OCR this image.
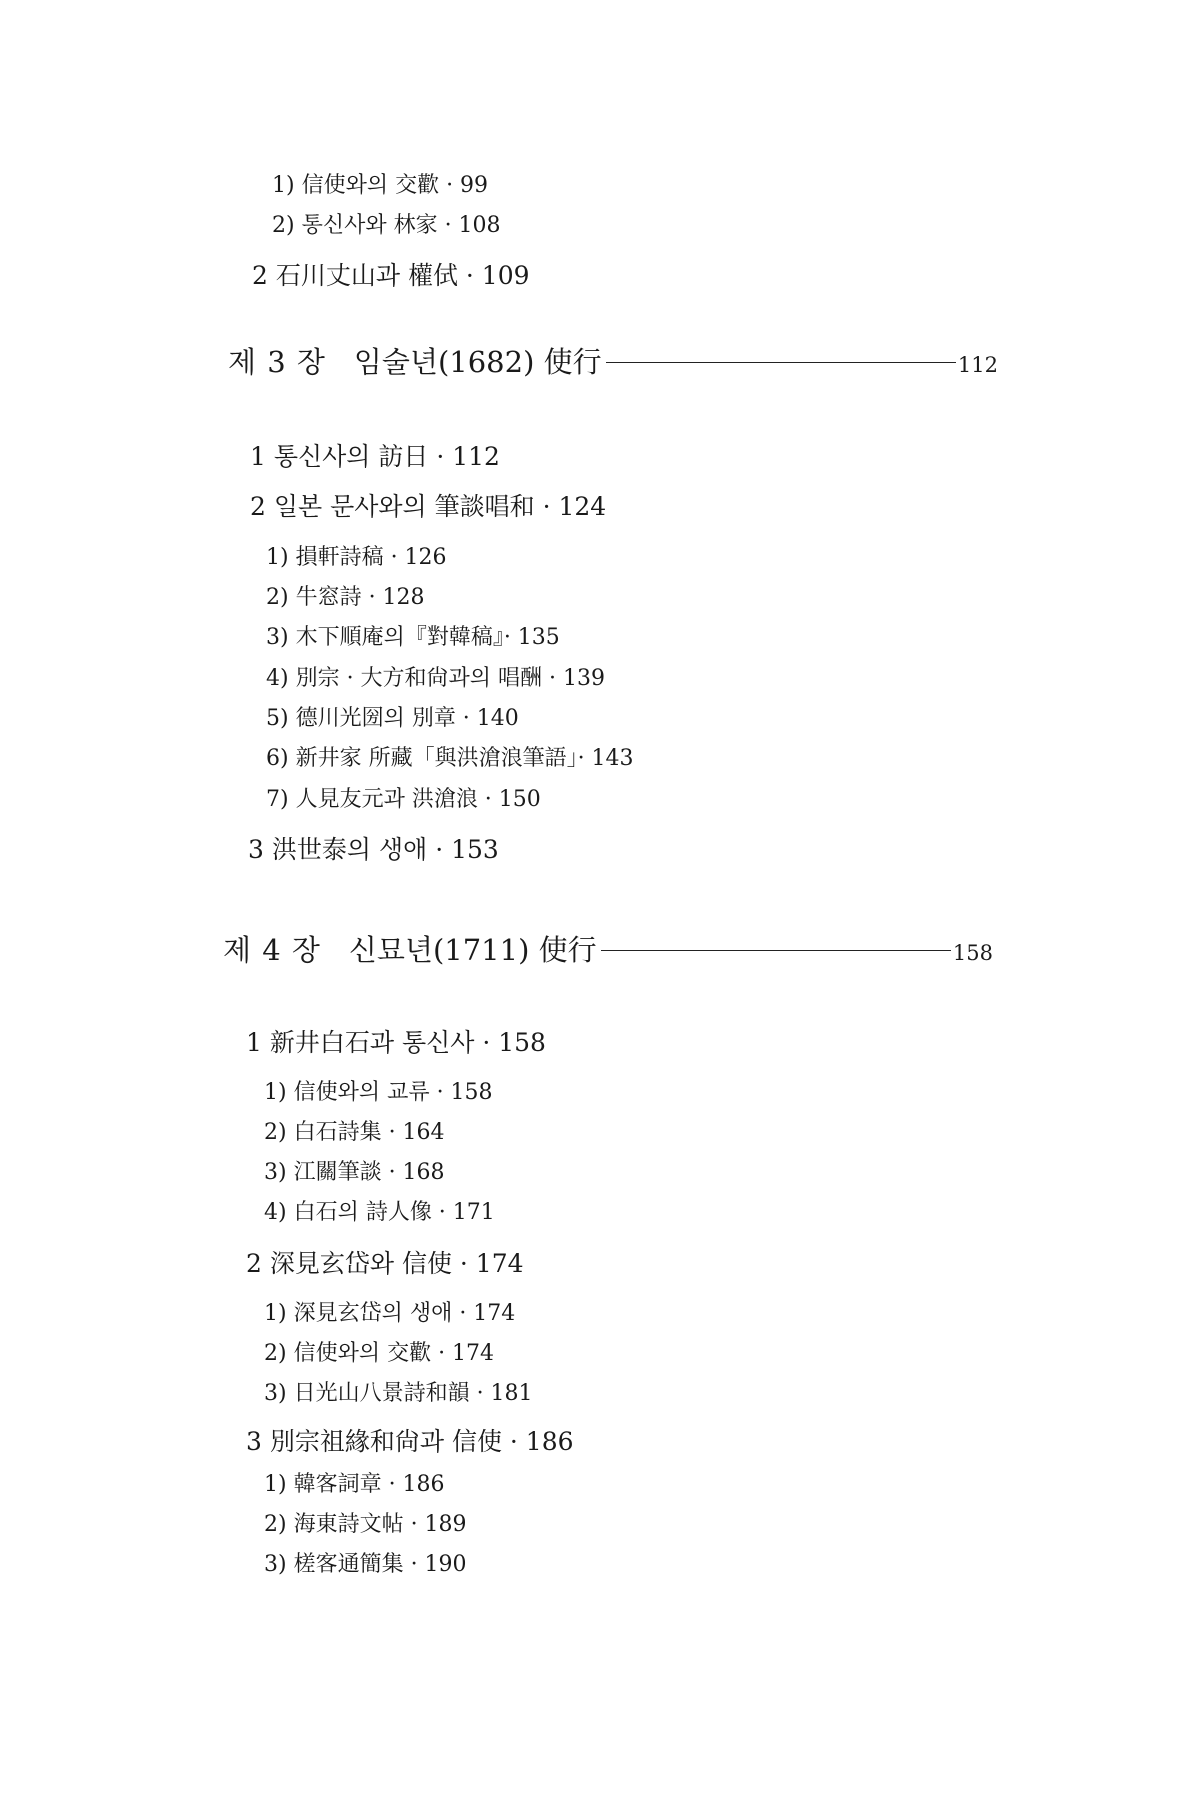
1) 信使와의 交歡 · 99
2) 통신사와 林家 · 108
2 石川丈山과 權侙 · 109
제 3 장 임술년(1682) 使行	112
1 통신사의 訪日 · 112
2 일본 문사와의 筆談唱和 · 124
1) 損軒詩稿 · 126
2) 牛窓詩 · 128
3) 木下順庵의『對韓稿』· 135
4) 別宗 · 大方和尙과의 唱酬 · 139
5) 德川光圀의 別章 · 140
6) 新井家 所藏「與洪滄浪筆語」· 143
7) 人見友元과 洪滄浪 · 150
3 洪世泰의 생애 · 153
제 4 장 신묘년(1711) 使行	158
1 新井白石과 통신사 · 158
1) 信使와의 교류 · 158
2) 白石詩集 · 164
3) 江關筆談 · 168
4) 白石의 詩人像 · 171
2 深見玄岱와 信使 · 174
1) 深見玄岱의 생애 · 174
2) 信使와의 交歡 · 174
3) 日光山八景詩和韻 · 181
3 別宗祖緣和尙과 信使 · 186
1) 韓客詞章 · 186
2) 海東詩文帖 · 189
3) 槎客通簡集 · 190
